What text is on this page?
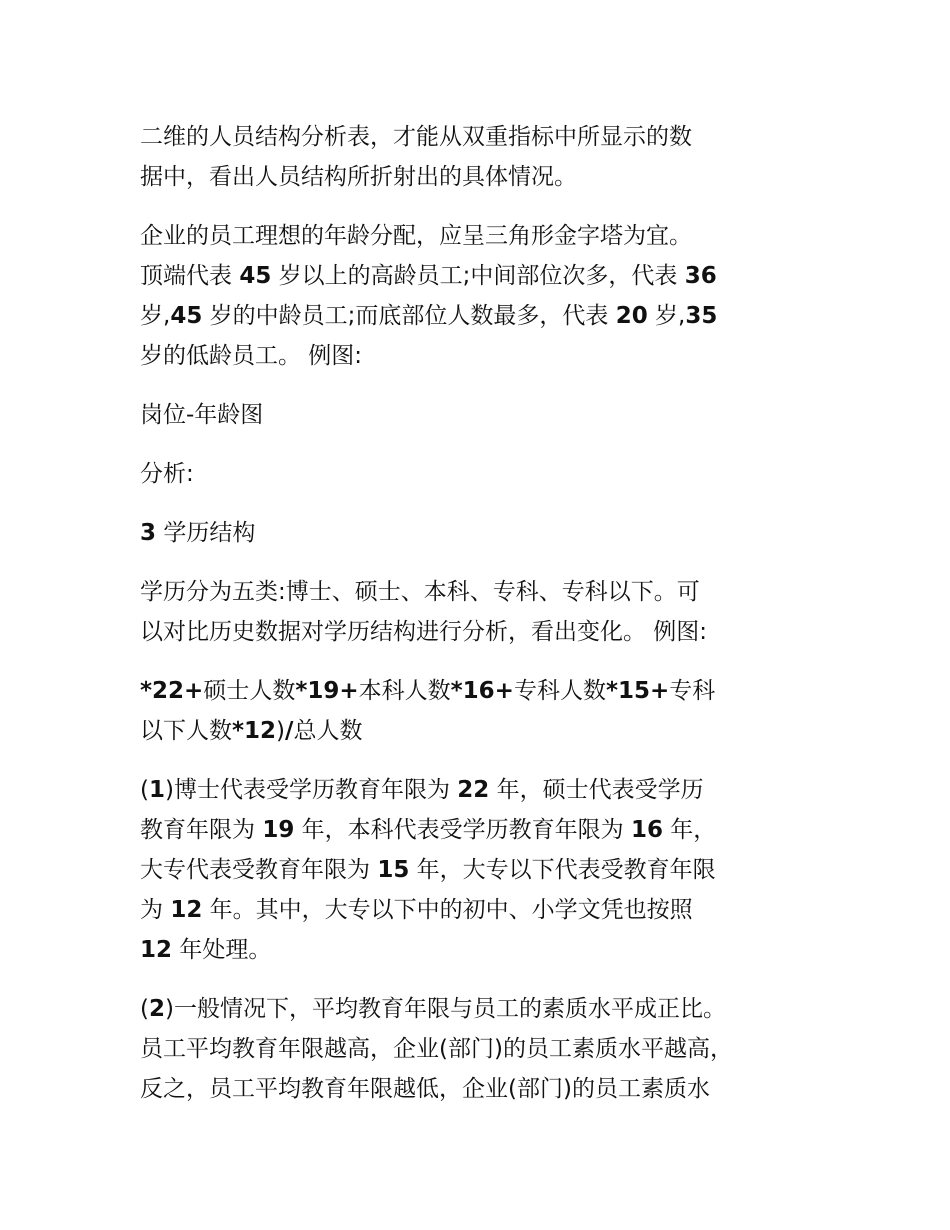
二维的人员结构分析表，才能从双重指标中所显示的数
据中，看出人员结构所折射出的具体情况。
企业的员工理想的年龄分配，应呈三角形金字塔为宜。
顶端代表 45 岁以上的高龄员工;中间部位次多，代表 36
岁,45 岁的中龄员工;而底部位人数最多，代表 20 岁,35
岁的低龄员工。 例图:
岗位-年龄图
分析:
3 学历结构
学历分为五类:博士、硕士、本科、专科、专科以下。可
以对比历史数据对学历结构进行分析，看出变化。 例图:
*22+硕士人数*19+本科人数*16+专科人数*15+专科
以下人数*12)/总人数
(1)博士代表受学历教育年限为 22 年，硕士代表受学历
教育年限为 19 年，本科代表受学历教育年限为 16 年，
大专代表受教育年限为 15 年，大专以下代表受教育年限
为 12 年。其中，大专以下中的初中、小学文凭也按照
12 年处理。
(2)一般情况下，平均教育年限与员工的素质水平成正比。
员工平均教育年限越高，企业(部门)的员工素质水平越高，
反之，员工平均教育年限越低，企业(部门)的员工素质水
